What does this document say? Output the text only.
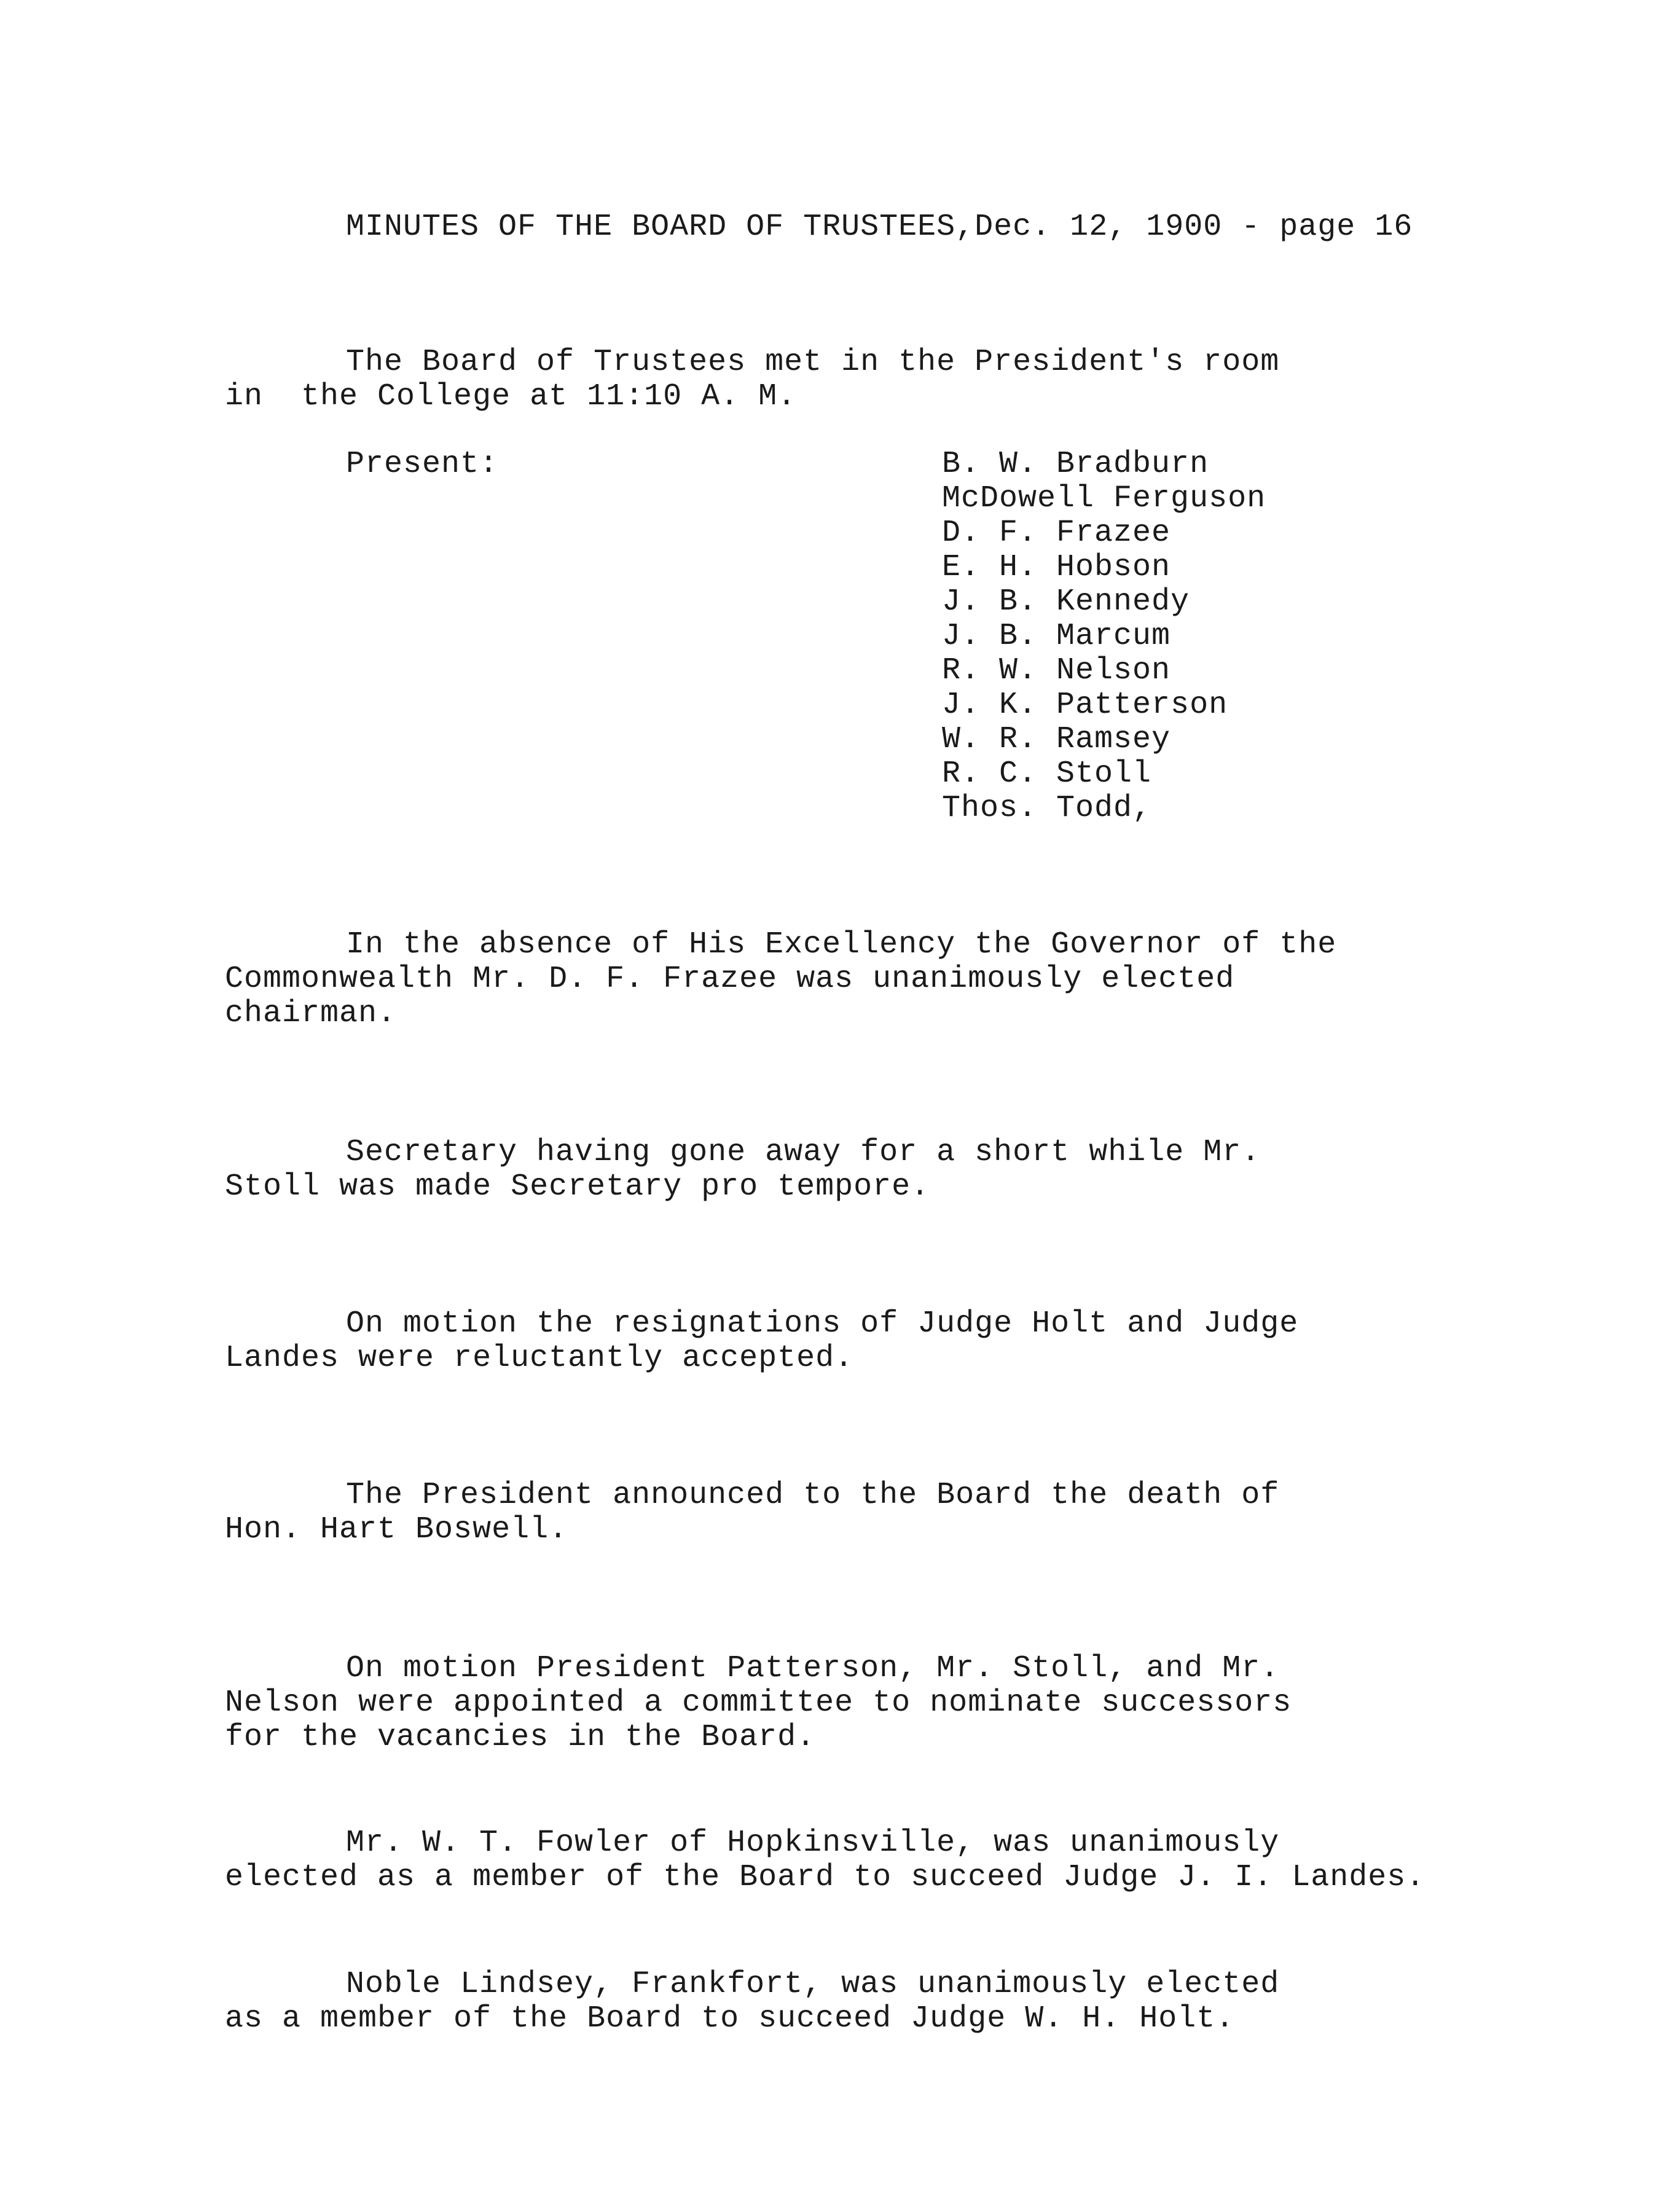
MINUTES OF THE BOARD OF TRUSTEES,Dec. 12, 1900 - page 16
The Board of Trustees met in the President's room
in  the College at 11:10 A. M.
Present:	B. W. Bradburn
McDowell Ferguson
D. F. Frazee
E. H. Hobson
J. B. Kennedy
J. B. Marcum
R. W. Nelson
J. K. Patterson
W. R. Ramsey
R. C. Stoll
Thos. Todd,
In the absence of His Excellency the Governor of the
Commonwealth Mr. D. F. Frazee was unanimously elected
chairman.
Secretary having gone away for a short while Mr.
Stoll was made Secretary pro tempore.
On motion the resignations of Judge Holt and Judge
Landes were reluctantly accepted.
The President announced to the Board the death of
Hon. Hart Boswell.
On motion President Patterson, Mr. Stoll, and Mr.
Nelson were appointed a committee to nominate successors
for the vacancies in the Board.
Mr. W. T. Fowler of Hopkinsville, was unanimously
elected as a member of the Board to succeed Judge J. I. Landes.
Noble Lindsey, Frankfort, was unanimously elected
as a member of the Board to succeed Judge W. H. Holt.
